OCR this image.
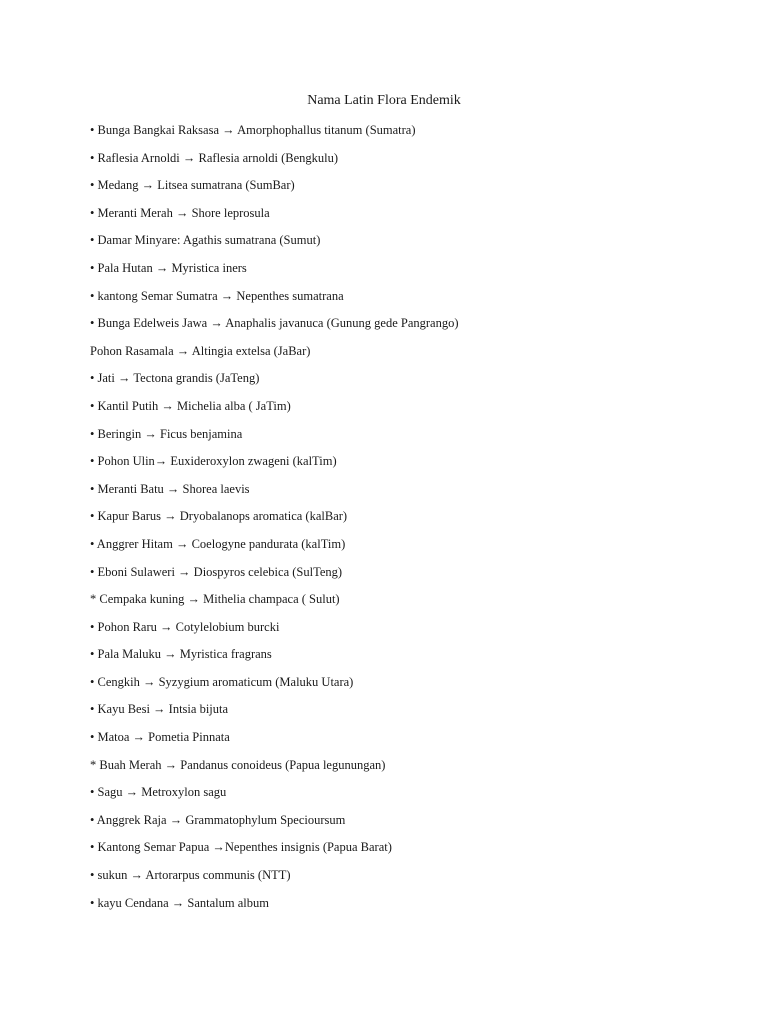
Nama Latin Flora Endemik
• Bunga Bangkai Raksasa → Amorphophallus titanum (Sumatra)
• Raflesia Arnoldi → Raflesia arnoldi (Bengkulu)
• Medang → Litsea sumatrana (SumBar)
• Meranti Merah → Shore leprosula
• Damar Minyare: Agathis sumatrana (Sumut)
• Pala Hutan → Myristica iners
• kantong Semar Sumatra → Nepenthes sumatrana
• Bunga Edelweis Jawa → Anaphalis javanuca (Gunung gede Pangrango)
Pohon Rasamala → Altingia extelsa (JaBar)
• Jati → Tectona grandis (JaTeng)
• Kantil Putih → Michelia alba ( JaTim)
• Beringin → Ficus benjamina
• Pohon Ulin→ Euxideroxylon zwageni (kalTim)
• Meranti Batu → Shorea laevis
• Kapur Barus → Dryobalanops aromatica (kalBar)
• Anggrer Hitam → Coelogyne pandurata (kalTim)
• Eboni Sulaweri → Diospyros celebica (SulTeng)
* Cempaka kuning → Mithelia champaca ( Sulut)
• Pohon Raru → Cotylelobium burcki
• Pala Maluku → Myristica fragrans
• Cengkih → Syzygium aromaticum (Maluku Utara)
• Kayu Besi → Intsia bijuta
• Matoa → Pometia Pinnata
* Buah Merah → Pandanus conoideus (Papua legunungan)
• Sagu → Metroxylon sagu
• Anggrek Raja → Grammatophylum Specioursum
• Kantong Semar Papua →Nepenthes insignis (Papua Barat)
• sukun → Artorarpus communis (NTT)
• kayu Cendana → Santalum album
